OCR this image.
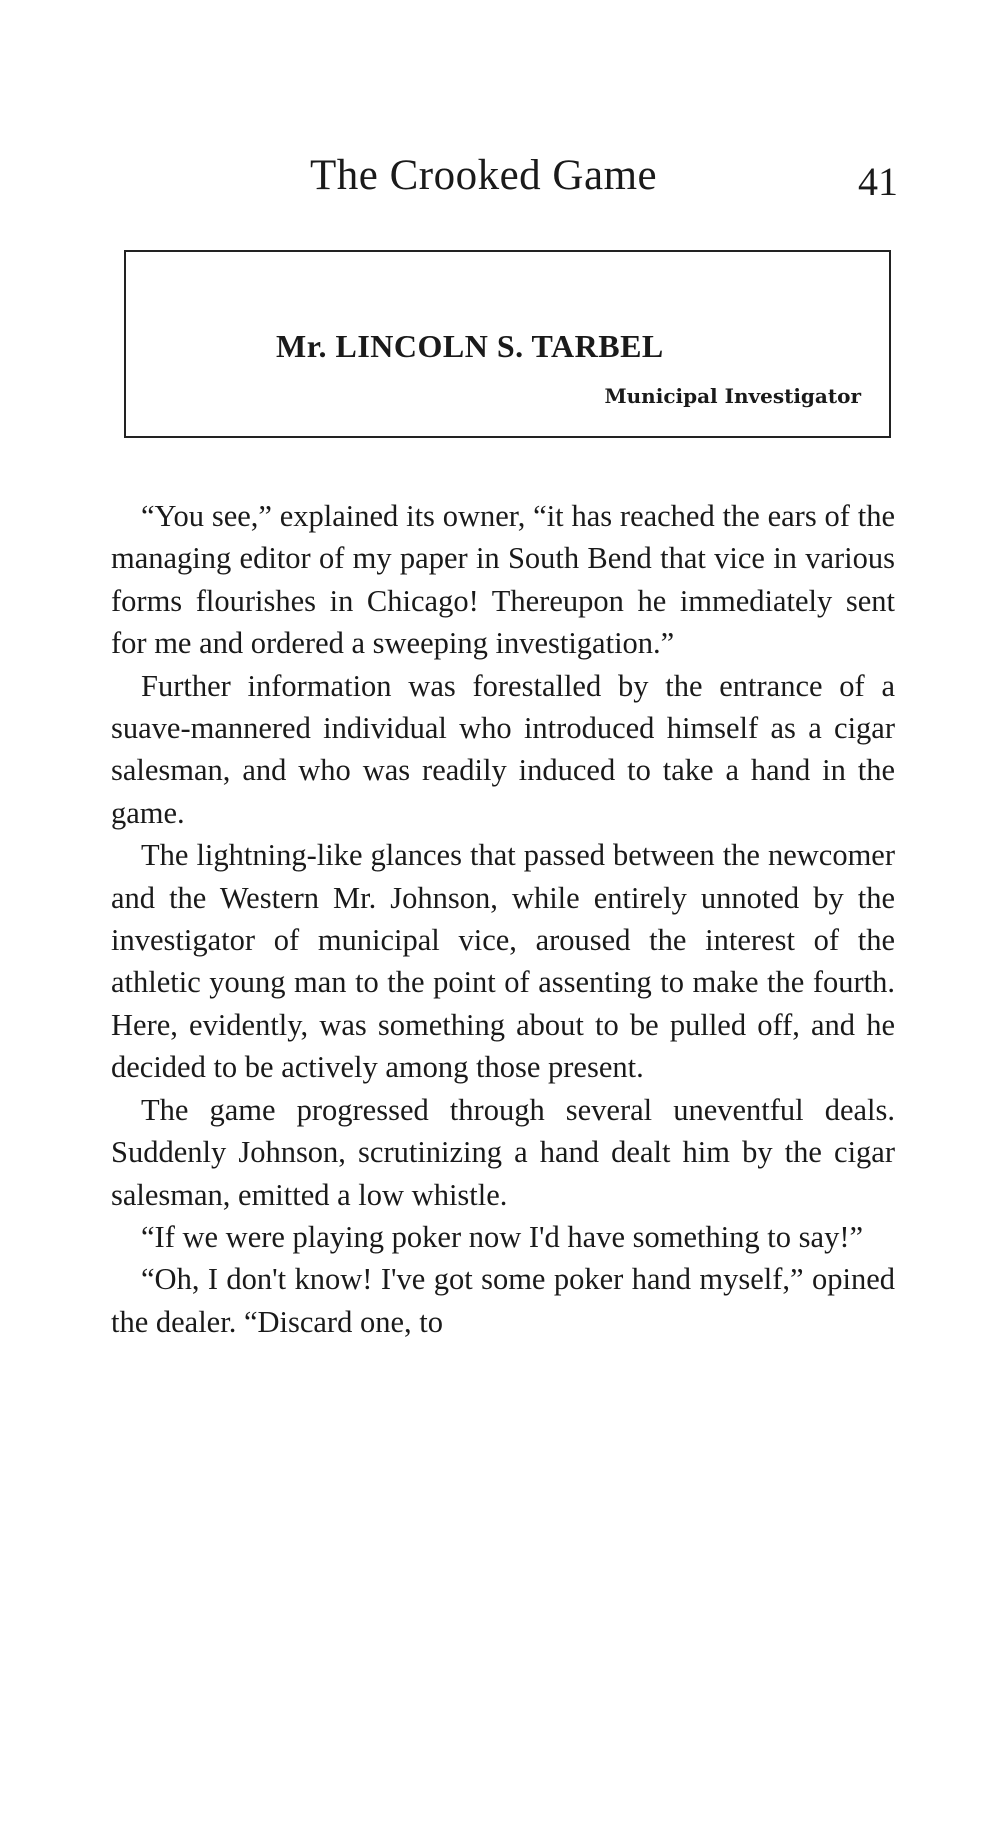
The Crooked Game	41
Mr. LINCOLN S. TARBEL
Municipal Investigator

“You see,” explained its owner, “it has reached the ears of the managing editor of my paper in South Bend that vice in various forms flourishes in Chicago! Thereupon he immediately sent for me and ordered a sweeping investigation.”

Further information was forestalled by the entrance of a suave-mannered individual who introduced himself as a cigar salesman, and who was readily induced to take a hand in the game.

The lightning-like glances that passed between the newcomer and the Western Mr. Johnson, while entirely unnoted by the investigator of municipal vice, aroused the interest of the athletic young man to the point of assenting to make the fourth. Here, evidently, was something about to be pulled off, and he decided to be actively among those present.

The game progressed through several uneventful deals. Suddenly Johnson, scrutinizing a hand dealt him by the cigar salesman, emitted a low whistle.

“If we were playing poker now I'd have something to say!”

“Oh, I don't know! I've got some poker hand myself,” opined the dealer. “Discard one, to
